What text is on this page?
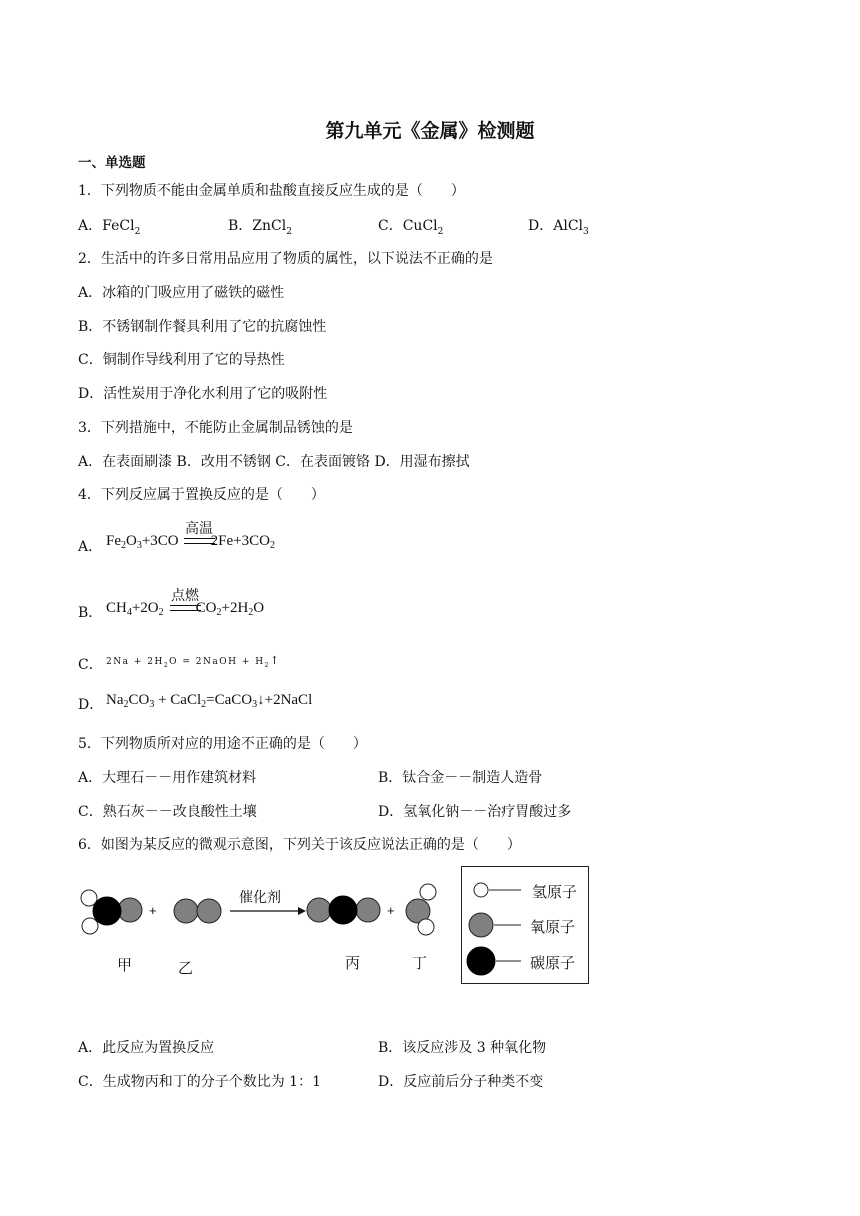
第九单元《金属》检测题
一、单选题
1．下列物质不能由金属单质和盐酸直接反应生成的是（　　）
A．FeCl$_2$	B．ZnCl$_2$	C．CuCl$_2$	D．AlCl$_3$
2．生活中的许多日常用品应用了物质的属性，以下说法不正确的是
A．冰箱的门吸应用了磁铁的磁性
B．不锈钢制作餐具利用了它的抗腐蚀性
C．铜制作导线利用了它的导热性
D．活性炭用于净化水利用了它的吸附性
3．下列措施中，不能防止金属制品锈蚀的是
A．在表面刷漆 B．改用不锈钢 C．在表面镀铬 D．用湿布擦拭
4．下列反应属于置换反应的是（　　）
A． $Fe_2O_3+3CO$ $2Fe+3CO_2$
高温
B． $CH_4+2O_2$ $CO_2+2H_2O$
点燃
C． $2Na + 2H_2O$ = 2NaOH + $H_2↑$
D． $Na_2CO_3$ + CaCl$_2$=CaCO$_3$↓+2NaCl
5．下列物质所对应的用途不正确的是（　　）
A．大理石－－用作建筑材料	B．钛合金－－制造人造骨
C．熟石灰－－改良酸性土壤	D．氢氧化钠－－治疗胃酸过多
6．如图为某反应的微观示意图，下列关于该反应说法正确的是（　　）
+
催化剂
+
甲	乙	丙	丁
氢原子
氧原子
碳原子
A．此反应为置换反应	B．该反应涉及 3 种氧化物
C．生成物丙和丁的分子个数比为 1：1	D．反应前后分子种类不变
